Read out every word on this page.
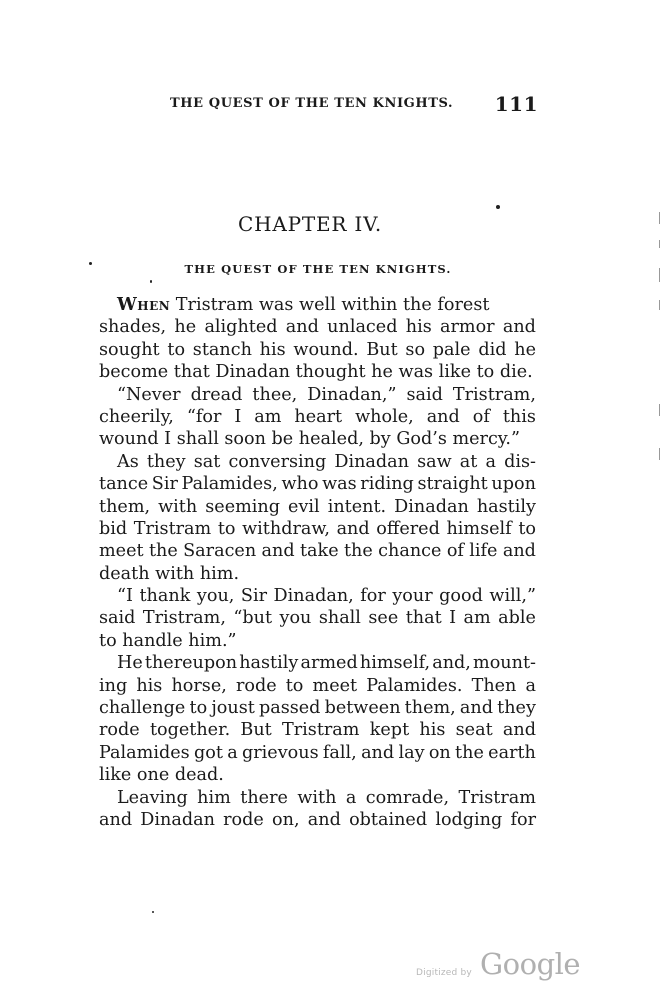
THE QUEST OF THE TEN KNIGHTS. 111
CHAPTER IV.
THE QUEST OF THE TEN KNIGHTS.
When Tristram was well within the forest
shades, he alighted and unlaced his armor and
sought to stanch his wound. But so pale did he
become that Dinadan thought he was like to die.
“Never dread thee, Dinadan,” said Tristram,
cheerily, “for I am heart whole, and of this
wound I shall soon be healed, by God’s mercy.”
As they sat conversing Dinadan saw at a dis-
tance Sir Palamides, who was riding straight upon
them, with seeming evil intent. Dinadan hastily
bid Tristram to withdraw, and offered himself to
meet the Saracen and take the chance of life and
death with him.
“I thank you, Sir Dinadan, for your good will,”
said Tristram, “but you shall see that I am able
to handle him.”
He thereupon hastily armed himself, and, mount-
ing his horse, rode to meet Palamides. Then a
challenge to joust passed between them, and they
rode together. But Tristram kept his seat and
Palamides got a grievous fall, and lay on the earth
like one dead.
Leaving him there with a comrade, Tristram
and Dinadan rode on, and obtained lodging for
Digitized by Google
